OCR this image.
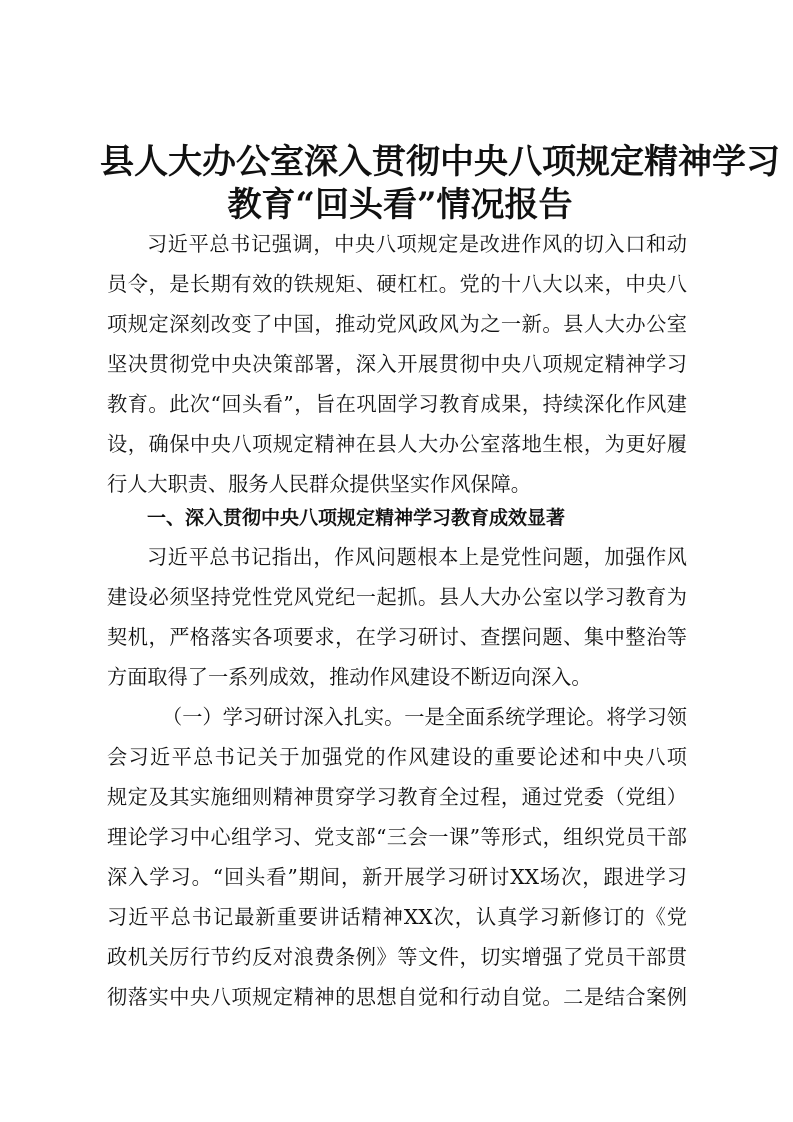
县人大办公室深入贯彻中央八项规定精神学习
教育“回头看”情况报告

习近平总书记强调，中央八项规定是改进作风的切入口和动

员令，是长期有效的铁规矩、硬杠杠。党的十八大以来，中央八

项规定深刻改变了中国，推动党风政风为之一新。县人大办公室

坚决贯彻党中央决策部署，深入开展贯彻中央八项规定精神学习

教育。此次“回头看”，旨在巩固学习教育成果，持续深化作风建

设，确保中央八项规定精神在县人大办公室落地生根，为更好履

行人大职责、服务人民群众提供坚实作风保障。

一、深入贯彻中央八项规定精神学习教育成效显著

习近平总书记指出，作风问题根本上是党性问题，加强作风

建设必须坚持党性党风党纪一起抓。县人大办公室以学习教育为

契机，严格落实各项要求，在学习研讨、查摆问题、集中整治等

方面取得了一系列成效，推动作风建设不断迈向深入。

（一）学习研讨深入扎实。一是全面系统学理论。将学习领

会习近平总书记关于加强党的作风建设的重要论述和中央八项

规定及其实施细则精神贯穿学习教育全过程，通过党委（党组）

理论学习中心组学习、党支部“三会一课”等形式，组织党员干部

深入学习。“回头看”期间，新开展学习研讨XX场次，跟进学习

习近平总书记最新重要讲话精神XX次，认真学习新修订的《党

政机关厉行节约反对浪费条例》等文件，切实增强了党员干部贯

彻落实中央八项规定精神的思想自觉和行动自觉。二是结合案例
